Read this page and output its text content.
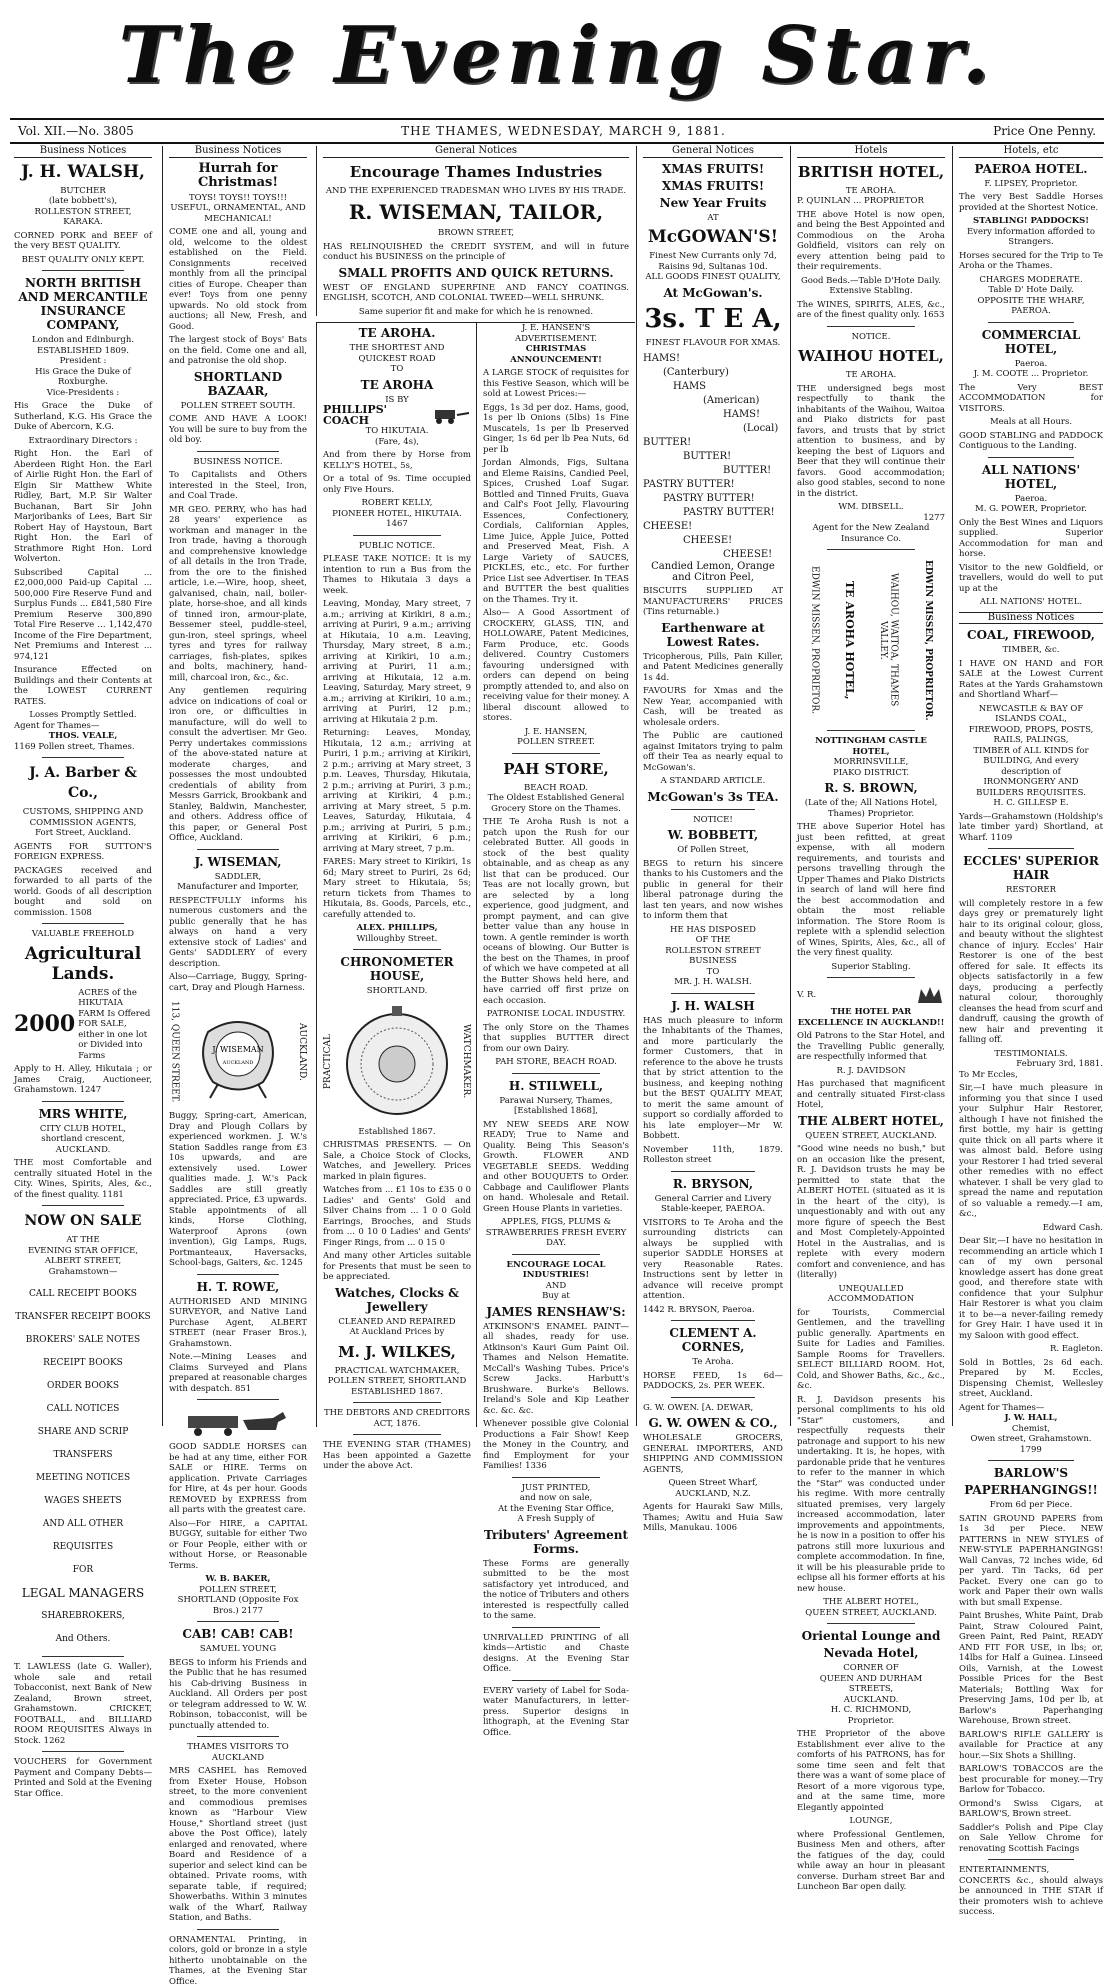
The Evening Star.
Vol. XII.—No. 3805	THE THAMES, WEDNESDAY, MARCH 9, 1881.	Price One Penny.
Business Notices
J. H. WALSH,
BUTCHER
(late bobbett's),
ROLLESTON STREET, KARAKA.
CORNED PORK and BEEF of the very BEST QUALITY.
BEST QUALITY ONLY KEPT.
NORTH BRITISH AND MERCANTILE INSURANCE COMPANY,
London and Edinburgh.
ESTABLISHED 1809.
President :
His Grace the Duke of Roxburghe.
Vice-Presidents :
His Grace the Duke of Sutherland, K.G. His Grace the Duke of Abercorn, K.G.
Extraordinary Directors :
Right Hon. the Earl of Aberdeen Right Hon. the Earl of Airlie Right Hon. the Earl of Elgin Sir Matthew White Ridley, Bart, M.P. Sir Walter Buchanan, Bart Sir John Marjoribanks of Lees, Bart Sir Robert Hay of Haystoun, Bart Right Hon. the Earl of Strathmore Right Hon. Lord Wolverton.
Subscribed Capital ... £2,000,000 Paid-up Capital ... 500,000 Fire Reserve Fund and Surplus Funds ... £841,580 Fire Premium Reserve 300,890 Total Fire Reserve ... 1,142,470 Income of the Fire Department, Net Premiums and Interest ... 974,121
Insurance Effected on Buildings and their Contents at the LOWEST CURRENT RATES.
Losses Promptly Settled.
Agent for Thames—
THOS. VEALE,
1169 Pollen street, Thames.
J. A. Barber & Co.,
CUSTOMS, SHIPPING AND COMMISSION AGENTS,
Fort Street, Auckland.
AGENTS FOR SUTTON'S FOREIGN EXPRESS.
PACKAGES received and forwarded to all parts of the world. Goods of all description bought and sold on commission. 1508
VALUABLE FREEHOLD
Agricultural Lands.
2000
ACRES of the HIKUTAIA FARM Is Offered FOR SALE, either in one lot or Divided into Farms
Apply to H. Alley, Hikutaia ; or James Craig, Auctioneer, Grahamstown. 1247
MRS WHITE,
CITY CLUB HOTEL,
shortland crescent, AUCKLAND.
THE most Comfortable and centrally situated Hotel in the City. Wines, Spirits, Ales, &c., of the finest quality. 1181
NOW ON SALE
AT THE
EVENING STAR OFFICE,
ALBERT STREET,
Grahamstown—
CALL RECEIPT BOOKS
TRANSFER RECEIPT BOOKS
BROKERS' SALE NOTES
RECEIPT BOOKS
ORDER BOOKS
CALL NOTICES
SHARE AND SCRIP TRANSFERS
MEETING NOTICES
WAGES SHEETS
AND ALL OTHER REQUISITES
FOR
LEGAL MANAGERS
SHAREBROKERS,
And Others.
T. LAWLESS (late G. Waller), whole sale and retail Tobacconist, next Bank of New Zealand, Brown street, Grahamstown. CRICKET, FOOTBALL, and BILLIARD ROOM REQUISITES Always in Stock. 1262
VOUCHERS for Government Payment and Company Debts—Printed and Sold at the Evening Star Office.
Business Notices
Hurrah for Christmas!
TOYS! TOYS!! TOYS!!!
USEFUL, ORNAMENTAL, AND MECHANICAL!
COME one and all, young and old, welcome to the oldest established on the Field. Consignments received monthly from all the principal cities of Europe. Cheaper than ever! Toys from one penny upwards. No old stock from auctions; all New, Fresh, and Good.
The largest stock of Boys' Bats on the field. Come one and all, and patronise the old shop.
SHORTLAND BAZAAR,
POLLEN STREET SOUTH.
COME AND HAVE A LOOK! You will be sure to buy from the old boy.
BUSINESS NOTICE.
To Capitalists and Others interested in the Steel, Iron, and Coal Trade.
MR GEO. PERRY, who has had 28 years' experience as workman and manager in the Iron trade, having a thorough and comprehensive knowledge of all details in the Iron Trade, from the ore to the finished article, i.e.—Wire, hoop, sheet, galvanised, chain, nail, boiler-plate, horse-shoe, and all kinds of tinned iron, armour-plate, Bessemer steel, puddle-steel, gun-iron, steel springs, wheel tyres and tyres for railway carriages, fish-plates, spikes and bolts, machinery, hand-mill, charcoal iron, &c., &c.
Any gentlemen requiring advice on indications of coal or iron ore, or difficulties in manufacture, will do well to consult the advertiser. Mr Geo. Perry undertakes commissions of the above-stated nature at moderate charges, and possesses the most undoubted credentials of ability from Messrs Garrick, Brookbank and Stanley, Baldwin, Manchester, and others. Address office of this paper, or General Post Office, Auckland.
J. WISEMAN,
SADDLER,
Manufacturer and Importer,
RESPECTFULLY informs his numerous customers and the public generally that he has always on hand a very extensive stock of Ladies' and Gents' SADDLERY of every description.
Also—Carriage, Buggy, Spring-cart, Dray and Plough Harness.
113, QUEEN STREET.	J. WISEMAN
AUCKLAND	AUCKLAND.
Buggy, Spring-cart, American, Dray and Plough Collars by experienced workmen. J. W.'s Station Saddles range from £3 10s upwards, and are extensively used. Lower qualities made. J. W.'s Pack Saddles are still greatly appreciated. Price, £3 upwards. Stable appointments of all kinds, Horse Clothing, Waterproof Aprons (own invention), Gig Lamps, Rugs, Portmanteaux, Haversacks, School-bags, Gaiters, &c. 1245
H. T. ROWE,
AUTHORISED AND MINING SURVEYOR, and Native Land Purchase Agent, ALBERT STREET (near Fraser Bros.), Grahamstown.
Note.—Mining Leases and Claims Surveyed and Plans prepared at reasonable charges with despatch. 851
GOOD SADDLE HORSES can be had at any time, either FOR SALE or HIRE. Terms on application. Private Carriages for Hire, at 4s per hour. Goods REMOVED by EXPRESS from all parts with the greatest care.
Also—For HIRE, a CAPITAL BUGGY, suitable for either Two or Four People, either with or without Horse, or Reasonable Terms.
W. B. BAKER,
POLLEN STREET, SHORTLAND (Opposite Fox Bros.) 2177
CAB! CAB! CAB!
SAMUEL YOUNG
BEGS to inform his Friends and the Public that he has resumed his Cab-driving Business in Auckland. All Orders per post or telegram addressed to W. W. Robinson, tobacconist, will be punctually attended to.
THAMES VISITORS TO AUCKLAND
MRS CASHEL has Removed from Exeter House, Hobson street, to the more convenient and commodious premises known as "Harbour View House," Shortland street (just above the Post Office), lately enlarged and renovated, where Board and Residence of a superior and select kind can be obtained. Private rooms, with separate table, if required; Showerbaths. Within 3 minutes walk of the Wharf, Railway Station, and Baths.
ORNAMENTAL Printing, in colors, gold or bronze in a style hitherto unobtainable on the Thames, at the Evening Star Office.
General Notices
Encourage Thames Industries
AND THE EXPERIENCED TRADESMAN WHO LIVES BY HIS TRADE.
R. WISEMAN, TAILOR,
BROWN STREET,
HAS RELINQUISHED the CREDIT SYSTEM, and will in future conduct his BUSINESS on the principle of
SMALL PROFITS AND QUICK RETURNS.
WEST OF ENGLAND SUPERFINE AND FANCY COATINGS. ENGLISH, SCOTCH, AND COLONIAL TWEED—WELL SHRUNK.
Same superior fit and make for which he is renowned.
TE AROHA.
THE SHORTEST AND
QUICKEST ROAD
TO
TE AROHA
IS BY
PHILLIPS' COACH
TO HIKUTAIA.
(Fare, 4s),
And from there by Horse from KELLY'S HOTEL, 5s,
Or a total of 9s. Time occupied only Five Hours.
ROBERT KELLY,
PIONEER HOTEL, HIKUTAIA. 1467
PUBLIC NOTICE.
PLEASE TAKE NOTICE: It is my intention to run a Bus from the Thames to Hikutaia 3 days a week.
Leaving, Monday, Mary street, 7 a.m.; arriving at Kirikiri, 8 a.m.; arriving at Puriri, 9 a.m.; arriving at Hikutaia, 10 a.m. Leaving, Thursday, Mary street, 8 a.m.; arriving at Kirikiri, 10 a.m.; arriving at Puriri, 11 a.m.; arriving at Hikutaia, 12 a.m. Leaving, Saturday, Mary street, 9 a.m.; arriving at Kirikiri, 10 a.m.; arriving at Puriri, 12 p.m.; arriving at Hikutaia 2 p.m.
Returning: Leaves, Monday, Hikutaia, 12 a.m.; arriving at Puriri, 1 p.m.; arriving at Kirikiri, 2 p.m.; arriving at Mary street, 3 p.m. Leaves, Thursday, Hikutaia, 2 p.m.; arriving at Puriri, 3 p.m.; arriving at Kirikiri, 4 p.m.; arriving at Mary street, 5 p.m. Leaves, Saturday, Hikutaia, 4 p.m.; arriving at Puriri, 5 p.m.; arriving at Kirikiri, 6 p.m.; arriving at Mary street, 7 p.m.
FARES: Mary street to Kirikiri, 1s 6d; Mary street to Puriri, 2s 6d; Mary street to Hikutaia, 5s; return tickets from Thames to Hikutaia, 8s. Goods, Parcels, etc., carefully attended to.
ALEX. PHILLIPS,
Willoughby Street.
CHRONOMETER HOUSE,
SHORTLAND.
PRACTICAL	WATCHMAKER.
Established 1867.
CHRISTMAS PRESENTS. — On Sale, a Choice Stock of Clocks, Watches, and Jewellery. Prices marked in plain figures.
Watches from ... £1 10s to £35 0 0 Ladies' and Gents' Gold and Silver Chains from ... 1 0 0 Gold Earrings, Brooches, and Studs from ... 0 10 0 Ladies' and Gents' Finger Rings, from ... 0 15 0
And many other Articles suitable for Presents that must be seen to be appreciated.
Watches, Clocks & Jewellery
CLEANED AND REPAIRED
At Auckland Prices by
M. J. WILKES,
PRACTICAL WATCHMAKER,
POLLEN STREET, SHORTLAND
ESTABLISHED 1867.
THE DEBTORS AND CREDITORS ACT, 1876.
THE EVENING STAR (THAMES) Has been appointed a Gazette under the above Act.
J. E. HANSEN'S ADVERTISEMENT.
CHRISTMAS ANNOUNCEMENT!
A LARGE STOCK of requisites for this Festive Season, which will be sold at Lowest Prices:—
Eggs, 1s 3d per doz. Hams, good, 1s per lb Onions (5lbs) 1s Fine Muscatels, 1s per lb Preserved Ginger, 1s 6d per lb Pea Nuts, 6d per lb
Jordan Almonds, Figs, Sultana and Eleme Raisins, Candied Peel, Spices, Crushed Loaf Sugar. Bottled and Tinned Fruits, Guava and Calf's Foot Jelly, Flavouring Essences, Confectionery, Cordials, Californian Apples, Lime Juice, Apple Juice, Potted and Preserved Meat, Fish. A Large Variety of SAUCES, PICKLES, etc., etc. For further Price List see Advertiser. In TEAS and BUTTER the best qualities on the Thames. Try it.
Also— A Good Assortment of CROCKERY, GLASS, TIN, and HOLLOWARE, Patent Medicines, Farm Produce, etc. Goods delivered. Country Customers favouring undersigned with orders can depend on being promptly attended to, and also on receiving value for their money. A liberal discount allowed to stores.
J. E. HANSEN,
POLLEN STREET.
PAH STORE,
BEACH ROAD.
The Oldest Established General Grocery Store on the Thames.
THE Te Aroha Rush is not a patch upon the Rush for our celebrated Butter. All goods in stock of the best quality obtainable, and as cheap as any list that can be produced. Our Teas are not locally grown, but are selected by a long experience, good judgment, and prompt payment, and can give better value than any house in town. A gentle reminder is worth oceans of blowing. Our Butter is the best on the Thames, in proof of which we have competed at all the Butter Shows held here, and have carried off first prize on each occasion.
PATRONISE LOCAL INDUSTRY.
The only Store on the Thames that supplies BUTTER direct from our own Dairy.
PAH STORE, BEACH ROAD.
H. STILWELL,
Parawai Nursery, Thames,
[Established 1868],
MY NEW SEEDS ARE NOW READY; True to Name and Quality. Being This Season's Growth. FLOWER AND VEGETABLE SEEDS. Wedding and other BOUQUETS to Order. Cabbage and Cauliflower Plants on hand. Wholesale and Retail. Green House Plants in varieties.
APPLES, FIGS, PLUMS & STRAWBERRIES FRESH EVERY DAY.
ENCOURAGE LOCAL INDUSTRIES!
AND
Buy at
JAMES RENSHAW'S:
ATKINSON'S ENAMEL PAINT—all shades, ready for use. Atkinson's Kauri Gum Paint Oil. Thames and Nelson Hematite. McCall's Washing Tubes. Price's Screw Jacks. Harbutt's Brushware. Burke's Bellows. Ireland's Sole and Kip Leather &c. &c. &c.
Whenever possible give Colonial Productions a Fair Show! Keep the Money in the Country, and find Employment for your Families! 1336
JUST PRINTED,
and now on sale,
At the Evening Star Office,
A Fresh Supply of
Tributers' Agreement Forms.
These Forms are generally submitted to be the most satisfactory yet introduced, and the notice of Tributers and others interested is respectfully called to the same.
UNRIVALLED PRINTING of all kinds—Artistic and Chaste designs. At the Evening Star Office.
EVERY variety of Label for Soda-water Manufacturers, in letter-press. Superior designs in lithograph, at the Evening Star Office.
General Notices
XMAS FRUITS!
XMAS FRUITS!
New Year Fruits
AT
McGOWAN'S!
Finest New Currants only 7d,
Raisins 9d, Sultanas 10d.
ALL GOODS FINEST QUALITY,
At McGowan's.
3s. T E A,
FINEST FLAVOUR FOR XMAS.
HAMS!
(Canterbury)
HAMS
(American)
HAMS!
(Local)
BUTTER!
BUTTER!
BUTTER!
PASTRY BUTTER!
PASTRY BUTTER!
PASTRY BUTTER!
CHEESE!
CHEESE!
CHEESE!
Candied Lemon, Orange and Citron Peel,
BISCUITS SUPPLIED AT MANUFACTURERS' PRICES (Tins returnable.)
Earthenware at Lowest Rates.
Tricopherous, Pills, Pain Killer, and Patent Medicines generally 1s 4d.
FAVOURS for Xmas and the New Year, accompanied with Cash, will be treated as wholesale orders.
The Public are cautioned against Imitators trying to palm off their Tea as nearly equal to McGowan's.
A STANDARD ARTICLE.
McGowan's 3s TEA.
NOTICE!
W. BOBBETT,
Of Pollen Street,
BEGS to return his sincere thanks to his Customers and the public in general for their liberal patronage during the last ten years, and now wishes to inform them that
HE HAS DISPOSED
OF THE
ROLLESTON STREET BUSINESS
TO
MR. J. H. WALSH.
J. H. WALSH
HAS much pleasure to inform the Inhabitants of the Thames, and more particularly the former Customers, that in reference to the above he trusts that by strict attention to the business, and keeping nothing but the BEST QUALITY MEAT, to merit the same amount of support so cordially afforded to his late employer—Mr W. Bobbett.
November 11th, 1879. Rolleston street
R. BRYSON,
General Carrier and Livery Stable-keeper, PAEROA.
VISITORS to Te Aroha and the surrounding districts can always be supplied with superior SADDLE HORSES at very Reasonable Rates. Instructions sent by letter in advance will receive prompt attention.
1442 R. BRYSON, Paeroa.
CLEMENT A. CORNES,
Te Aroha.
HORSE FEED, 1s 6d—PADDOCKS, 2s. PER WEEK.
G. W. OWEN. [A. DEWAR,
G. W. OWEN & CO.,
WHOLESALE GROCERS, GENERAL IMPORTERS, AND SHIPPING AND COMMISSION AGENTS,
Queen Street Wharf, AUCKLAND, N.Z.
Agents for Hauraki Saw Mills, Thames; Awitu and Huia Saw Mills, Manukau. 1006
Hotels
BRITISH HOTEL,
TE AROHA.
P. QUINLAN ... PROPRIETOR
THE above Hotel is now open, and being the Best Appointed and Commodious on the Aroha Goldfield, visitors can rely on every attention being paid to their requirements.
Good Beds.—Table D'Hote Daily.
Extensive Stabling.
The WINES, SPIRITS, ALES, &c., are of the finest quality only. 1653
NOTICE.
WAIHOU HOTEL,
TE AROHA.
THE undersigned begs most respectfully to thank the inhabitants of the Waihou, Waitoa and Piako districts for past favors, and trusts that by strict attention to business, and by keeping the best of Liquors and Beer that they will continue their favors. Good accommodation; also good stables, second to none in the district.
WM. DIBSELL.
1277
Agent for the New Zealand Insurance Co.
EDWIN MISSEN, PROPRIETOR. TE AROHA HOTEL,	WAIHOU, WAITOA, THAMES VALLEY.	EDWIN MISSEN, PROPRIETOR.
NOTTINGHAM CASTLE HOTEL,
MORRINSVILLE,
PIAKO DISTRICT.
R. S. BROWN,
(Late of the; All Nations Hotel, Thames) Proprietor.
THE above Superior Hotel has just been refitted, at great expense, with all modern requirements, and tourists and persons travelling through the Upper Thames and Piako Districts in search of land will here find the best accommodation and obtain the most reliable information. The Store Room is replete with a splendid selection of Wines, Spirits, Ales, &c., all of the very finest quality.
Superior Stabling.
V. R.
THE HOTEL PAR EXCELLENCE IN AUCKLAND!!
Old Patrons to the Star Hotel, and the Travelling Public generally, are respectfully informed that
R. J. DAVIDSON
Has purchased that magnificent and centrally situated First-class Hotel,
THE ALBERT HOTEL,
QUEEN STREET, AUCKLAND.
"Good wine needs no bush," but on an occasion like the present, R. J. Davidson trusts he may be permitted to state that the ALBERT HOTEL (situated as it is in the heart of the city), is unquestionably and with out any more figure of speech the Best and Most Completely-Appointed Hotel in the Australias, and is replete with every modern comfort and convenience, and has (literally)
UNEQUALLED ACCOMMODATION
for Tourists, Commercial Gentlemen, and the travelling public generally. Apartments en Suite for Ladies and Families. Sample Rooms for Travellers. SELECT BILLIARD ROOM. Hot, Cold, and Shower Baths, &c., &c., &c.
R. J. Davidson presents his personal compliments to his old "Star" customers, and respectfully requests their patronage and support to his new undertaking. It is, he hopes, with pardonable pride that he ventures to refer to the manner in which the "Star" was conducted under his regime. With more centrally situated premises, very largely increased accommodation, later improvements and appointments, he is now in a position to offer his patrons still more luxurious and complete accommodation. In fine, it will be his pleasurable pride to eclipse all his former efforts at his new house.
THE ALBERT HOTEL,
QUEEN STREET, AUCKLAND.
Oriental Lounge and
Nevada Hotel,
CORNER OF
QUEEN AND DURHAM STREETS,
AUCKLAND.
H. C. RICHMOND,
Proprietor.
THE Proprietor of the above Establishment ever alive to the comforts of his PATRONS, has for some time seen and felt that there was a want of some place of Resort of a more vigorous type, and at the same time, more Elegantly appointed
LOUNGE,
where Professional Gentlemen, Business Men and others, after the fatigues of the day, could while away an hour in pleasant converse. Durham street Bar and Luncheon Bar open daily.
Hotels, etc
PAEROA HOTEL.
F. LIPSEY, Proprietor.
The very Best Saddle Horses provided at the Shortest Notice.
STABLING! PADDOCKS!
Every information afforded to Strangers.
Horses secured for the Trip to Te Aroha or the Thames.
CHARGES MODERATE.
Table D' Hote Daily.
OPPOSITE THE WHARF, PAEROA.
COMMERCIAL HOTEL,
Paeroa.
J. M. COOTE ... Proprietor.
The Very BEST ACCOMMODATION for VISITORS.
Meals at all Hours.
GOOD STABLING and PADDOCK Contiguous to the Landing.
ALL NATIONS' HOTEL,
Paeroa.
M. G. POWER, Proprietor.
Only the Best Wines and Liquors supplied. Superior Accommodation for man and horse.
Visitor to the new Goldfield, or travellers, would do well to put up at the
ALL NATIONS' HOTEL.
Business Notices
COAL, FIREWOOD,
TIMBER, &c.
I HAVE ON HAND and FOR SALE at the Lowest Current Rates at the Yards Grahamstown and Shortland Wharf—
NEWCASTLE & BAY OF ISLANDS COAL,
FIREWOOD, PROPS, POSTS, RAILS, PALINGS,
TIMBER of ALL KINDS for BUILDING, And every description of
IRONMONGERY AND BUILDERS REQUISITES.
H. C. GILLESP E.
Yards—Grahamstown (Holdship's late timber yard) Shortland, at Wharf. 1109
ECCLES' SUPERIOR HAIR
RESTORER
will completely restore in a few days grey or prematurely light hair to its original colour, gloss, and beauty without the slightest chance of injury. Eccles' Hair Restorer is one of the best offered for sale. It effects its objects satisfactorily in a few days, producing a perfectly natural colour, thoroughly cleanses the head from scurf and dandruff, causing the growth of new hair and preventing it falling off.
TESTIMONIALS.
February 3rd, 1881.
To Mr Eccles,
Sir,—I have much pleasure in informing you that since I used your Sulphur Hair Restorer, although I have not finished the first bottle, my hair is getting quite thick on all parts where it was almost bald. Before using your Restorer I had tried several other remedies with no effect whatever. I shall be very glad to spread the name and reputation of so valuable a remedy.—I am, &c.,
Edward Cash.
Dear Sir,—I have no hesitation in recommending an article which I can of my own personal knowledge assert has done great good, and therefore state with confidence that your Sulphur Hair Restorer is what you claim it to be—a never-failing remedy for Grey Hair. I have used it in my Saloon with good effect.
R. Eagleton.
Sold in Bottles, 2s 6d each. Prepared by M. Eccles, Dispensing Chemist, Wellesley street, Auckland.
Agent for Thames—
J. W. HALL,
Chemist,
Owen street, Grahamstown. 1799
BARLOW'S
PAPERHANGINGS!!
From 6d per Piece.
SATIN GROUND PAPERS from 1s 3d per Piece. NEW PATTERNS in NEW STYLES of NEW-STYLE PAPERHANGINGS! Wall Canvas, 72 inches wide, 6d per yard. Tin Tacks, 6d per Packet. Every one can go to work and Paper their own walls with but small Expense.
Paint Brushes, White Paint, Drab Paint, Straw Coloured Paint, Green Paint, Red Paint, READY AND FIT FOR USE, in lbs; or, 14lbs for Half a Guinea. Linseed Oils, Varnish, at the Lowest Possible Prices for the Best Materials; Bottling Wax for Preserving Jams, 10d per lb, at Barlow's Paperhanging Warehouse, Brown street.
BARLOW'S RIFLE GALLERY is available for Practice at any hour.—Six Shots a Shilling.
BARLOW'S TOBACCOS are the best procurable for money.—Try Barlow for Tobacco.
Ormond's Swiss Cigars, at BARLOW'S, Brown street.
Saddler's Polish and Pipe Clay on Sale Yellow Chrome for renovating Scottish Facings
ENTERTAINMENTS, CONCERTS &c., should always be announced in THE STAR if their promoters wish to achieve success.
